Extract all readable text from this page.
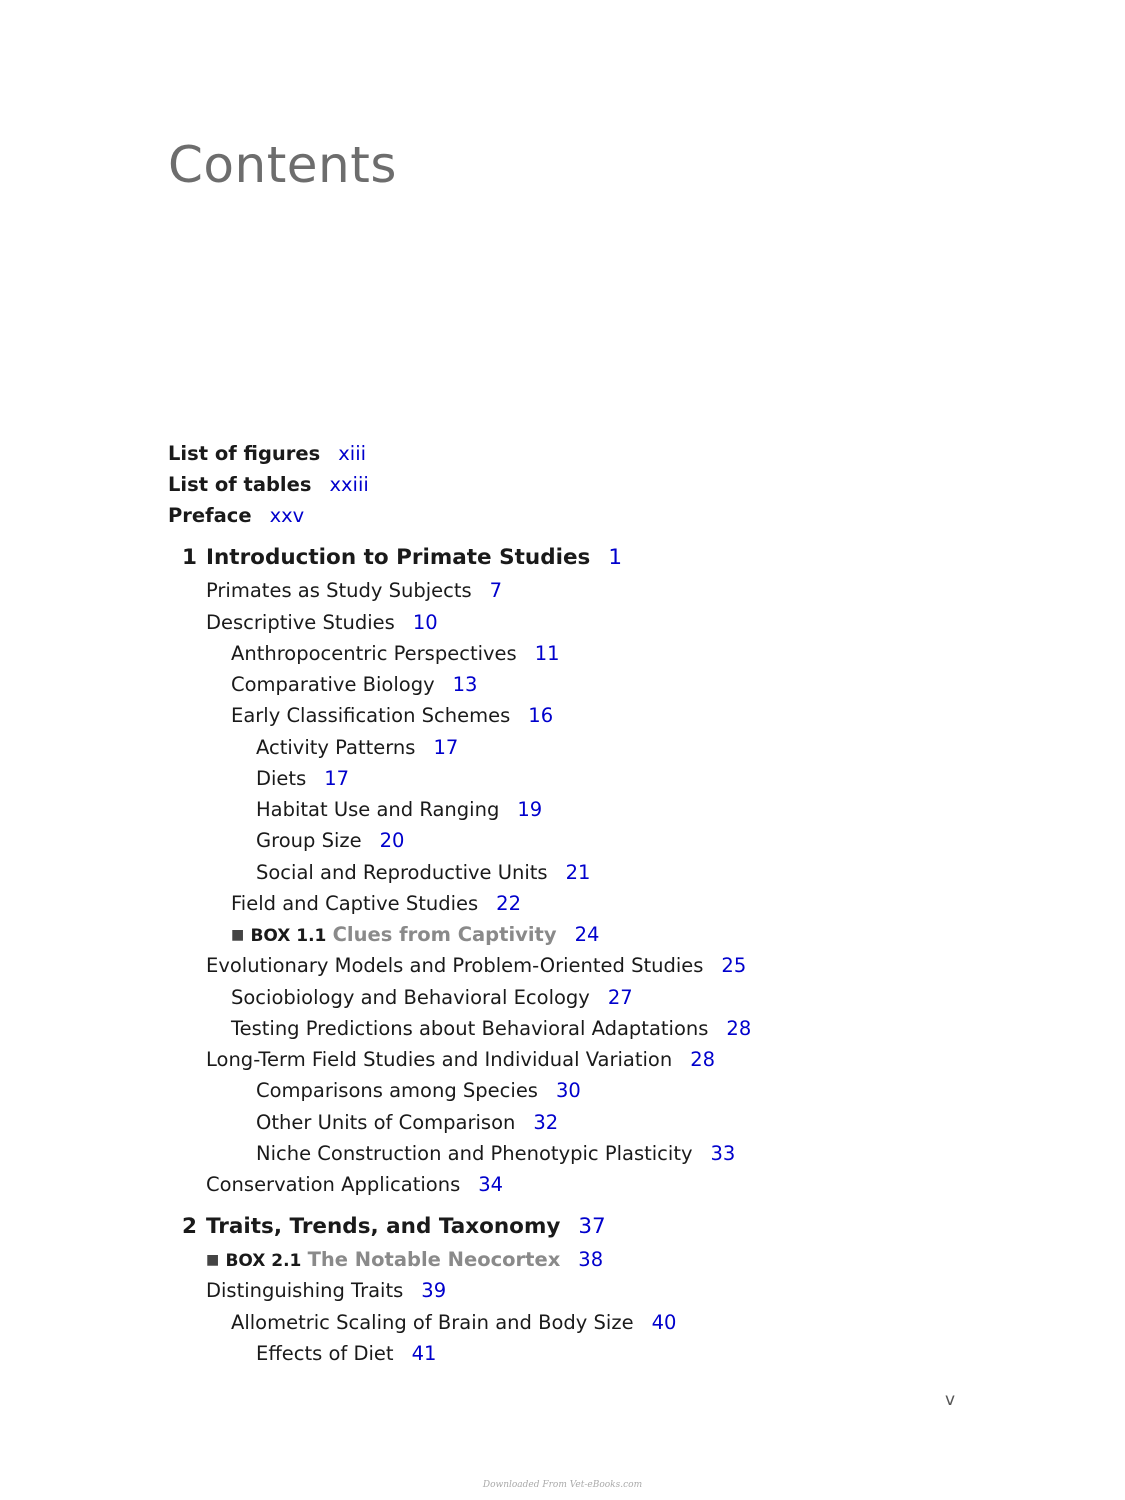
Contents
List of figures xiii
List of tables xxiii
Preface xxv
1 Introduction to Primate Studies 1
Primates as Study Subjects 7
Descriptive Studies 10
Anthropocentric Perspectives 11
Comparative Biology 13
Early Classification Schemes 16
Activity Patterns 17
Diets 17
Habitat Use and Ranging 19
Group Size 20
Social and Reproductive Units 21
Field and Captive Studies 22
■ BOX 1.1 Clues from Captivity 24
Evolutionary Models and Problem-Oriented Studies 25
Sociobiology and Behavioral Ecology 27
Testing Predictions about Behavioral Adaptations 28
Long-Term Field Studies and Individual Variation 28
Comparisons among Species 30
Other Units of Comparison 32
Niche Construction and Phenotypic Plasticity 33
Conservation Applications 34
2 Traits, Trends, and Taxonomy 37
■ BOX 2.1 The Notable Neocortex 38
Distinguishing Traits 39
Allometric Scaling of Brain and Body Size 40
Effects of Diet 41
v
Downloaded From Vet-eBooks.com
